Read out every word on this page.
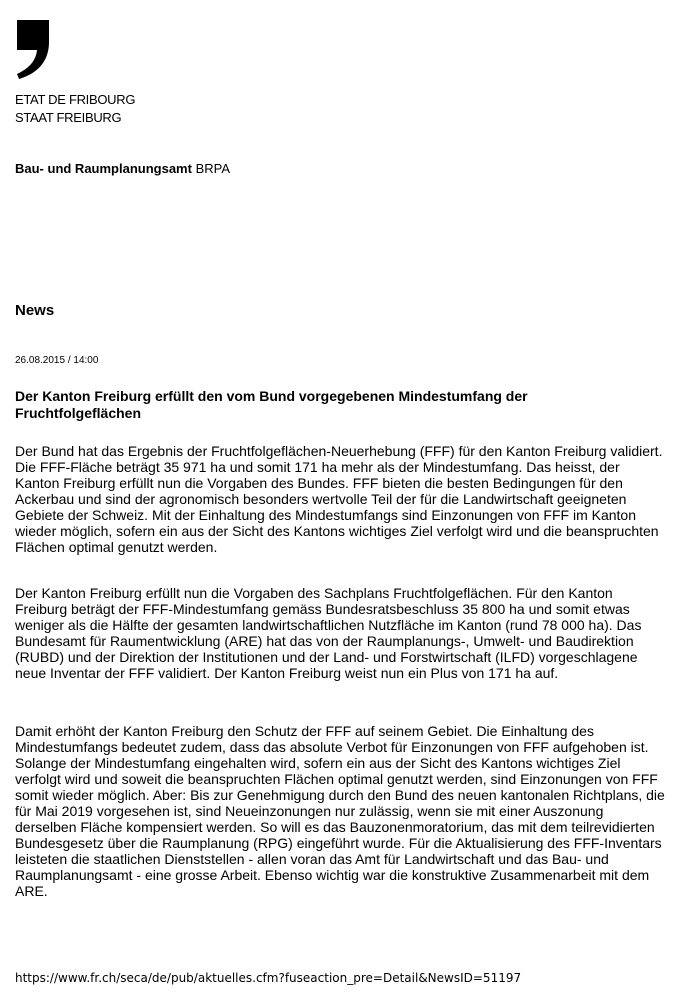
ETAT DE FRIBOURG
STAAT FREIBURG
Bau- und Raumplanungsamt BRPA
News
26.08.2015 / 14:00
Der Kanton Freiburg erfüllt den vom Bund vorgegebenen Mindestumfang der Fruchtfolgeflächen

Der Bund hat das Ergebnis der Fruchtfolgeflächen-Neuerhebung (FFF) für den Kanton Freiburg validiert. Die FFF-Fläche beträgt 35 971 ha und somit 171 ha mehr als der Mindestumfang. Das heisst, der Kanton Freiburg erfüllt nun die Vorgaben des Bundes. FFF bieten die besten Bedingungen für den Ackerbau und sind der agronomisch besonders wertvolle Teil der für die Landwirtschaft geeigneten Gebiete der Schweiz. Mit der Einhaltung des Mindestumfangs sind Einzonungen von FFF im Kanton wieder möglich, sofern ein aus der Sicht des Kantons wichtiges Ziel verfolgt wird und die beanspruchten Flächen optimal genutzt werden.

Der Kanton Freiburg erfüllt nun die Vorgaben des Sachplans Fruchtfolgeflächen. Für den Kanton Freiburg beträgt der FFF-Mindestumfang gemäss Bundesratsbeschluss 35 800 ha und somit etwas weniger als die Hälfte der gesamten landwirtschaftlichen Nutzfläche im Kanton (rund 78 000 ha). Das Bundesamt für Raumentwicklung (ARE) hat das von der Raumplanungs-, Umwelt- und Baudirektion (RUBD) und der Direktion der Institutionen und der Land- und Forstwirtschaft (ILFD) vorgeschlagene neue Inventar der FFF validiert. Der Kanton Freiburg weist nun ein Plus von 171 ha auf.

Damit erhöht der Kanton Freiburg den Schutz der FFF auf seinem Gebiet. Die Einhaltung des Mindestumfangs bedeutet zudem, dass das absolute Verbot für Einzonungen von FFF aufgehoben ist. Solange der Mindestumfang eingehalten wird, sofern ein aus der Sicht des Kantons wichtiges Ziel verfolgt wird und soweit die beanspruchten Flächen optimal genutzt werden, sind Einzonungen von FFF somit wieder möglich. Aber: Bis zur Genehmigung durch den Bund des neuen kantonalen Richtplans, die für Mai 2019 vorgesehen ist, sind Neueinzonungen nur zulässig, wenn sie mit einer Auszonung derselben Fläche kompensiert werden. So will es das Bauzonenmoratorium, das mit dem teilrevidierten Bundesgesetz über die Raumplanung (RPG) eingeführt wurde. Für die Aktualisierung des FFF-Inventars leisteten die staatlichen Dienststellen - allen voran das Amt für Landwirtschaft und das Bau- und Raumplanungsamt - eine grosse Arbeit. Ebenso wichtig war die konstruktive Zusammenarbeit mit dem ARE.

https://www.fr.ch/seca/de/pub/aktuelles.cfm?fuseaction_pre=Detail&NewsID=51197
